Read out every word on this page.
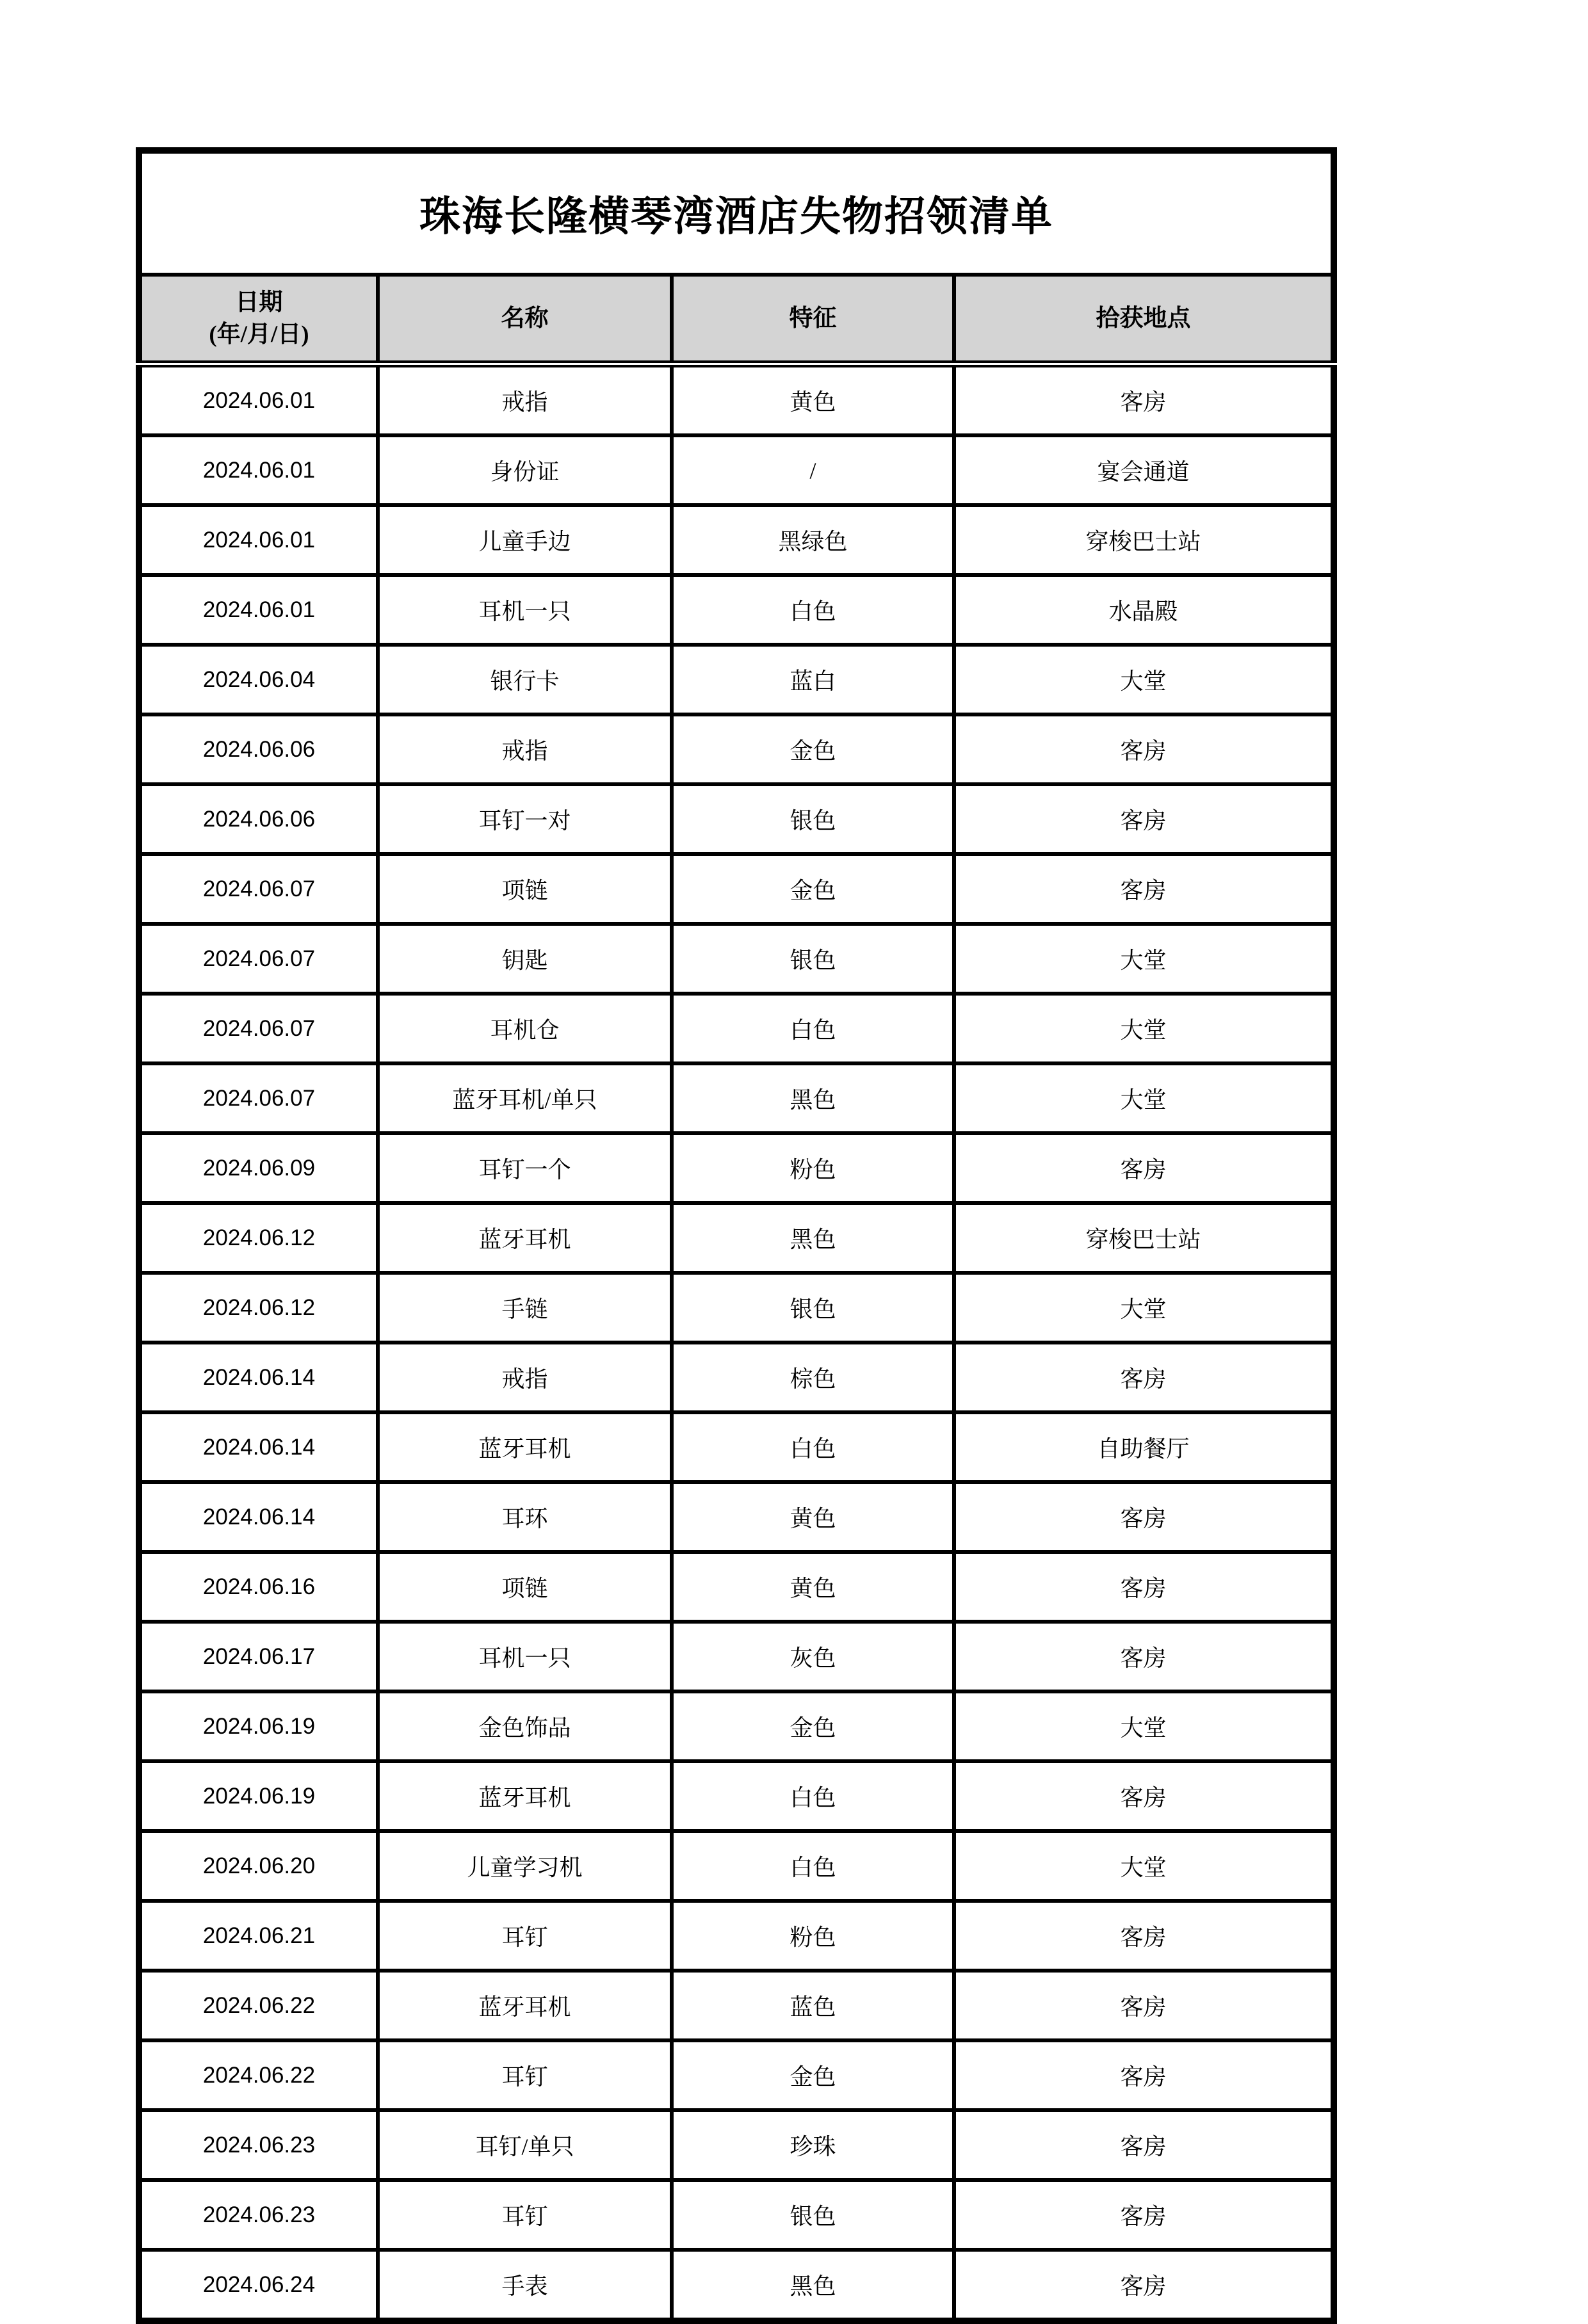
珠海长隆横琴湾酒店失物招领清单			

日期
(年/月/日)	名称	特征	拾获地点
2024.06.01	戒指	黄色	客房
2024.06.01	身份证	/	宴会通道
2024.06.01	儿童手边	黑绿色	穿梭巴士站
2024.06.01	耳机一只	白色	水晶殿
2024.06.04	银行卡	蓝白	大堂
2024.06.06	戒指	金色	客房
2024.06.06	耳钉一对	银色	客房
2024.06.07	项链	金色	客房
2024.06.07	钥匙	银色	大堂
2024.06.07	耳机仓	白色	大堂
2024.06.07	蓝牙耳机/单只	黑色	大堂
2024.06.09	耳钉一个	粉色	客房
2024.06.12	蓝牙耳机	黑色	穿梭巴士站
2024.06.12	手链	银色	大堂
2024.06.14	戒指	棕色	客房
2024.06.14	蓝牙耳机	白色	自助餐厅
2024.06.14	耳环	黄色	客房
2024.06.16	项链	黄色	客房
2024.06.17	耳机一只	灰色	客房
2024.06.19	金色饰品	金色	大堂
2024.06.19	蓝牙耳机	白色	客房
2024.06.20	儿童学习机	白色	大堂
2024.06.21	耳钉	粉色	客房
2024.06.22	蓝牙耳机	蓝色	客房
2024.06.22	耳钉	金色	客房
2024.06.23	耳钉/单只	珍珠	客房
2024.06.23	耳钉	银色	客房
2024.06.24	手表	黑色	客房
